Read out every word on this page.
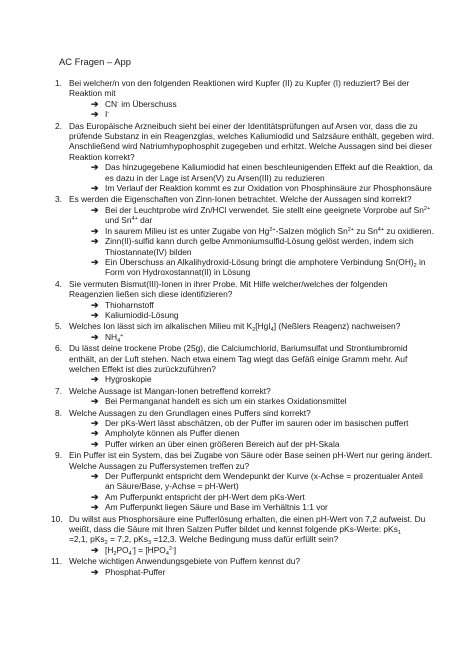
AC Fragen – App
1. Bei welcher/n von den folgenden Reaktionen wird Kupfer (II) zu Kupfer (I) reduziert? Bei der Reaktion mit
➔ CN- im Überschuss
➔ I-
2. Das Europäische Arzneibuch sieht bei einer der Identitätsprüfungen auf Arsen vor, dass die zu prüfende Substanz in ein Reagenzglas, welches Kaliumiodid und Salzsäure enthält, gegeben wird. Anschließend wird Natriumhypophosphit zugegeben und erhitzt. Welche Aussagen sind bei dieser Reaktion korrekt?
➔ Das hinzugegebene Kaliumiodid hat einen beschleunigenden Effekt auf die Reaktion, da es dazu in der Lage ist Arsen(V) zu Arsen(III) zu reduzieren
➔ Im Verlauf der Reaktion kommt es zur Oxidation von Phosphinsäure zur Phosphonsäure
3. Es werden die Eigenschaften von Zinn-Ionen betrachtet. Welche der Aussagen sind korrekt?
➔ Bei der Leuchtprobe wird Zn/HCl verwendet. Sie stellt eine geeignete Vorprobe auf $Sn^{2+}$ und $Sn^{4+}$ dar
➔ In saurem Milieu ist es unter Zugabe von $Hg^{2+}$-Salzen möglich $Sn^{2+}$ zu $Sn^{4+}$ zu oxidieren.
➔ Zinn(II)-sulfid kann durch gelbe Ammoniumsulfid-Lösung gelöst werden, indem sich Thiostannate(IV) bilden
➔ Ein Überschuss an Alkalihydroxid-Lösung bringt die amphotere Verbindung $Sn(OH)_2$ in Form von Hydroxostannat(II) in Lösung
4. Sie vermuten Bismut(III)-Ionen in ihrer Probe. Mit Hilfe welcher/welches der folgenden Reagenzien ließen sich diese identifizieren?
➔ Thioharnstoff
➔ Kaliumiodid-Lösung
5. Welches Ion lässt sich im alkalischen Milieu mit $K_2[HgI_4]$ (Neßlers Reagenz) nachweisen?
➔ $NH_4^+$
6. Du lässt deine trockene Probe (25g), die Calciumchlorid, Bariumsulfat und Strontiumbromid enthält, an der Luft stehen. Nach etwa einem Tag wiegt das Gefäß einige Gramm mehr. Auf welchen Effekt ist dies zurückzuführen?
➔ Hygroskopie
7. Welche Aussage ist Mangan-Ionen betreffend korrekt?
➔ Bei Permanganat handelt es sich um ein starkes Oxidationsmittel
8. Welche Aussagen zu den Grundlagen eines Puffers sind korrekt?
➔ Der pKs-Wert lässt abschätzen, ob der Puffer im sauren oder im basischen puffert
➔ Ampholyte können als Puffer dienen
➔ Puffer wirken an über einen größeren Bereich auf der pH-Skala
9. Ein Puffer ist ein System, das bei Zugabe von Säure oder Base seinen pH-Wert nur gering ändert. Welche Aussagen zu Puffersystemen treffen zu?
➔ Der Pufferpunkt entspricht dem Wendepunkt der Kurve (x-Achse = prozentualer Anteil an Säure/Base, y-Achse = pH-Wert)
➔ Am Pufferpunkt entspricht der pH-Wert dem pKs-Wert
➔ Am Pufferpunkt liegen Säure und Base im Verhältnis 1:1 vor
10. Du willst aus Phosphorsäure eine Pufferlösung erhalten, die einen pH-Wert von 7,2 aufweist. Du weißt, dass die Säure mit Ihren Salzen Puffer bildet und kennst folgende pKs-Werte: pKs$_1$
=2,1, pKs$_2$ = 7,2, pKs$_3$ =12,3. Welche Bedingung muss dafür erfüllt sein?
➔ $[H_2PO_4^-] = [HPO_4^{2-}]$
11. Welche wichtigen Anwendungsgebiete von Puffern kennst du?
➔ Phosphat-Puffer
